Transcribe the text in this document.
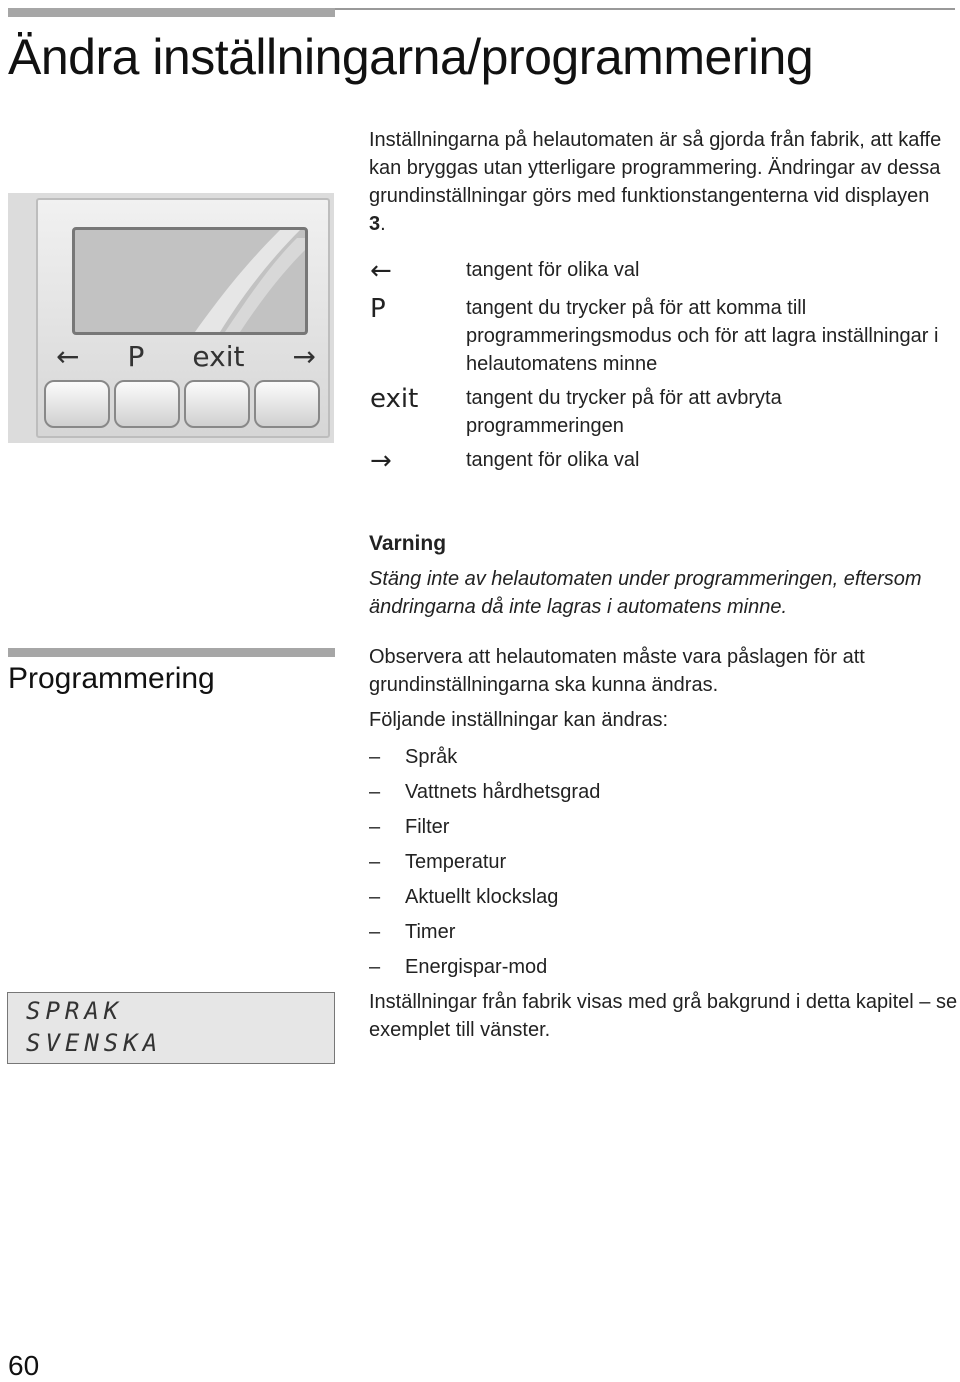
Ändra inställningarna/programmering

Inställningarna på helautomaten är så gjorda från fabrik, att kaffe kan bryggas utan ytterligare programmering. Ändringar av dessa grundinställningar görs med funktionstangenterna vid displayen 3.

← P exit →
←	tangent för olika val
P	tangent du trycker på för att komma till programmeringsmodus och för att lagra inställningar i helautomatens minne
exit	tangent du trycker på för att avbryta programmeringen
→	tangent för olika val
Varning

Stäng inte av helautomaten under programmeringen, eftersom ändringarna då inte lagras i automatens minne.

Programmering

Observera att helautomaten måste vara påslagen för att grundinställningarna ska kunna ändras.

Följande inställningar kan ändras:

–	Språk
–	Vattnets hårdhetsgrad
–	Filter
–	Temperatur
–	Aktuellt klockslag
–	Timer
–	Energispar-mod

Inställningar från fabrik visas med grå bakgrund i detta kapitel – se exemplet till vänster.

SPRAK
SVENSKA

60
